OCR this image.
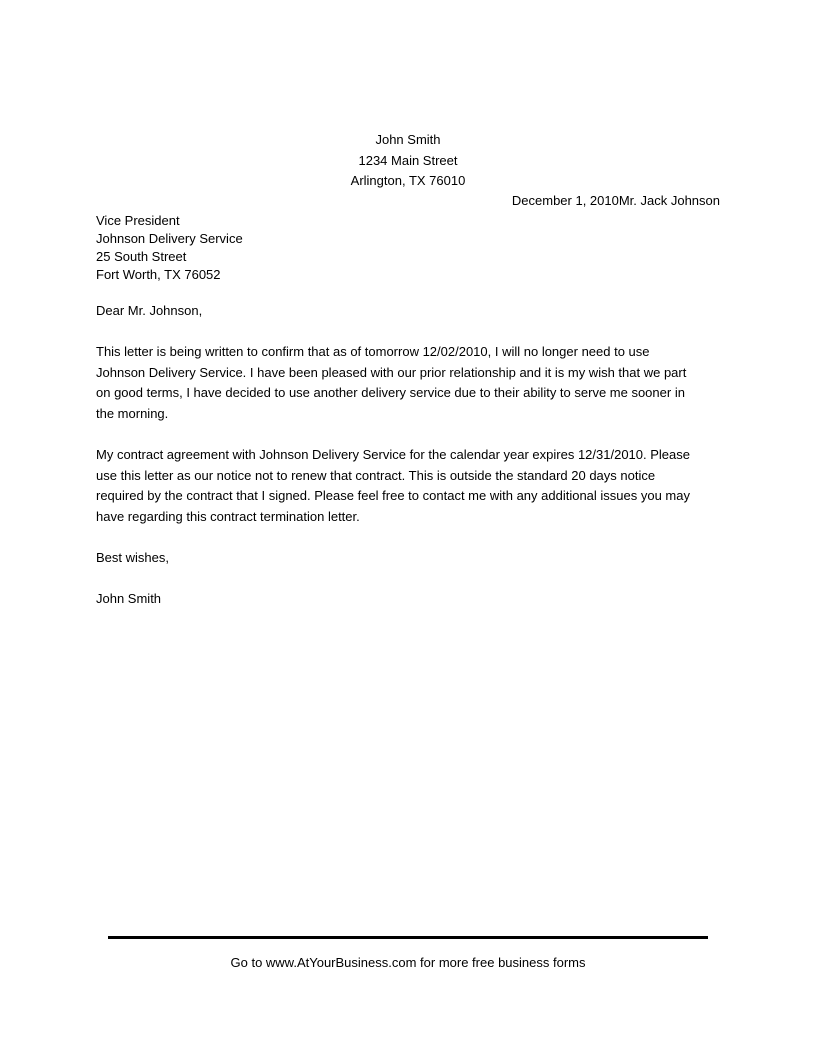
John Smith
1234 Main Street
Arlington, TX 76010
December 1, 2010Mr. Jack Johnson
Vice President
Johnson Delivery Service
25 South Street
Fort Worth, TX 76052
Dear Mr. Johnson,

This letter is being written to confirm that as of tomorrow 12/02/2010, I will no longer need to use
Johnson Delivery Service. I have been pleased with our prior relationship and it is my wish that we part
on good terms, I have decided to use another delivery service due to their ability to serve me sooner in
the morning.

My contract agreement with Johnson Delivery Service for the calendar year expires 12/31/2010. Please
use this letter as our notice not to renew that contract. This is outside the standard 20 days notice
required by the contract that I signed. Please feel free to contact me with any additional issues you may
have regarding this contract termination letter.

Best wishes,
John Smith
Go to www.AtYourBusiness.com for more free business forms
